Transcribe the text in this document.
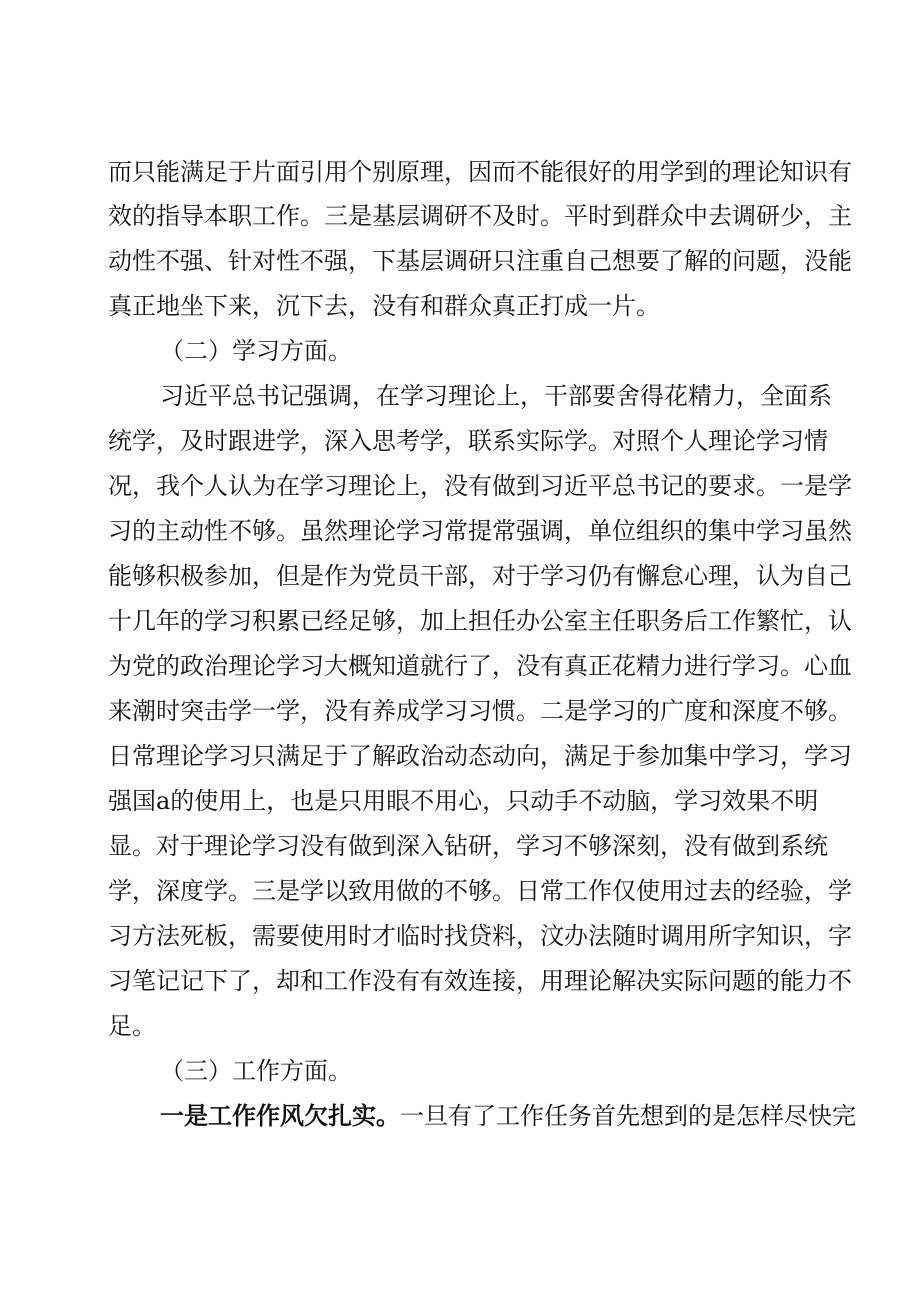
而只能满足于片面引用个别原理，因而不能很好的用学到的理论知识有
效的指导本职工作。三是基层调研不及时。平时到群众中去调研少，主
动性不强、针对性不强，下基层调研只注重自己想要了解的问题，没能
真正地坐下来，沉下去，没有和群众真正打成一片。
（二）学习方面。
习近平总书记强调，在学习理论上，干部要舍得花精力，全面系
统学，及时跟进学，深入思考学，联系实际学。对照个人理论学习情
况，我个人认为在学习理论上，没有做到习近平总书记的要求。一是学
习的主动性不够。虽然理论学习常提常强调，单位组织的集中学习虽然
能够积极参加，但是作为党员干部，对于学习仍有懈怠心理，认为自己
十几年的学习积累已经足够，加上担任办公室主任职务后工作繁忙，认
为党的政治理论学习大概知道就行了，没有真正花精力进行学习。心血
来潮时突击学一学，没有养成学习习惯。二是学习的广度和深度不够。
日常理论学习只满足于了解政治动态动向，满足于参加集中学习，学习
强国a的使用上，也是只用眼不用心，只动手不动脑，学习效果不明
显。对于理论学习没有做到深入钻研，学习不够深刻，没有做到系统
学，深度学。三是学以致用做的不够。日常工作仅使用过去的经验，学
习方法死板，需要使用时才临时找贷料，汶办法随时调用所字知识，字
习笔记记下了，却和工作没有有效连接，用理论解决实际问题的能力不
足。
（三）工作方面。
一是工作作风欠扎实。 一旦有了工作任务首先想到的是怎样尽快完
